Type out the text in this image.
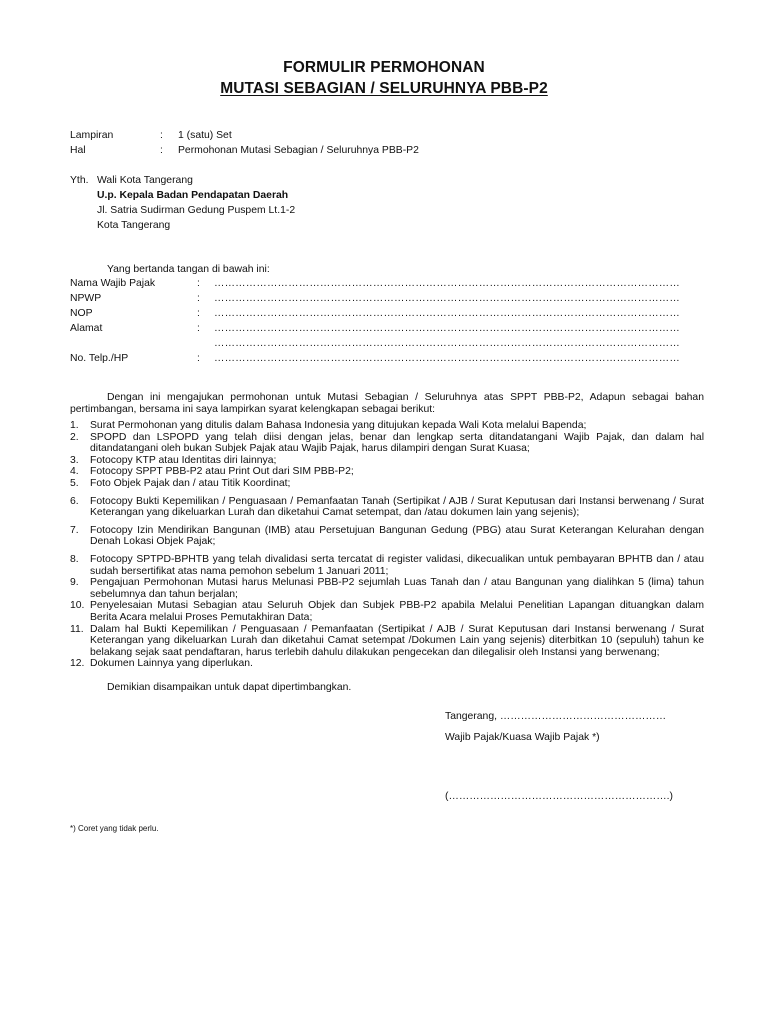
FORMULIR PERMOHONAN
MUTASI SEBAGIAN / SELURUHNYA PBB-P2
Lampiran	: 1 (satu) Set
Hal	: Permohonan Mutasi Sebagian / Seluruhnya PBB-P2
Yth. Wali Kota Tangerang
U.p. Kepala Badan Pendapatan Daerah
Jl. Satria Sudirman Gedung Puspem Lt.1-2
Kota Tangerang
Yang bertanda tangan di bawah ini:
Nama Wajib Pajak	: ……………………………………………………………………………………………………………………
NPWP	: ……………………………………………………………………………………………………………………
NOP	: ……………………………………………………………………………………………………………………
Alamat	: ……………………………………………………………………………………………………………………
……………………………………………………………………………………………………………………
No. Telp./HP	: ……………………………………………………………………………………………………………………
Dengan ini mengajukan permohonan untuk Mutasi Sebagian / Seluruhnya atas SPPT PBB-P2, Adapun sebagai bahan pertimbangan, bersama ini saya lampirkan syarat kelengkapan sebagai berikut:
1. Surat Permohonan yang ditulis dalam Bahasa Indonesia yang ditujukan kepada Wali Kota melalui Bapenda;
2. SPOPD dan LSPOPD yang telah diisi dengan jelas, benar dan lengkap serta ditandatangani Wajib Pajak, dan dalam hal ditandatangani oleh bukan Subjek Pajak atau Wajib Pajak, harus dilampiri dengan Surat Kuasa;
3. Fotocopy KTP atau Identitas diri lainnya;
4. Fotocopy SPPT PBB-P2 atau Print Out dari SIM PBB-P2;
5. Foto Objek Pajak dan / atau Titik Koordinat;
6. Fotocopy Bukti Kepemilikan / Penguasaan / Pemanfaatan Tanah (Sertipikat / AJB / Surat Keputusan dari Instansi berwenang / Surat Keterangan yang dikeluarkan Lurah dan diketahui Camat setempat, dan /atau dokumen lain yang sejenis);
7. Fotocopy Izin Mendirikan Bangunan (IMB) atau Persetujuan Bangunan Gedung (PBG) atau Surat Keterangan Kelurahan dengan Denah Lokasi Objek Pajak;
8. Fotocopy SPTPD-BPHTB yang telah divalidasi serta tercatat di register validasi, dikecualikan untuk pembayaran BPHTB dan / atau sudah bersertifikat atas nama pemohon sebelum 1 Januari 2011;
9. Pengajuan Permohonan Mutasi harus Melunasi PBB-P2 sejumlah Luas Tanah dan / atau Bangunan yang dialihkan 5 (lima) tahun sebelumnya dan tahun berjalan;
10. Penyelesaian Mutasi Sebagian atau Seluruh Objek dan Subjek PBB-P2 apabila Melalui Penelitian Lapangan dituangkan dalam Berita Acara melalui Proses Pemutakhiran Data;
11. Dalam hal Bukti Kepemilikan / Penguasaan / Pemanfaatan (Sertipikat / AJB / Surat Keputusan dari Instansi berwenang / Surat Keterangan yang dikeluarkan Lurah dan diketahui Camat setempat /Dokumen Lain yang sejenis) diterbitkan 10 (sepuluh) tahun ke belakang sejak saat pendaftaran, harus terlebih dahulu dilakukan pengecekan dan dilegalisir oleh Instansi yang berwenang;
12. Dokumen Lainnya yang diperlukan.
Demikian disampaikan untuk dapat dipertimbangkan.
Tangerang, …………………………………………
Wajib Pajak/Kuasa Wajib Pajak *)
(……………………………………………………….)
*) Coret yang tidak perlu.
